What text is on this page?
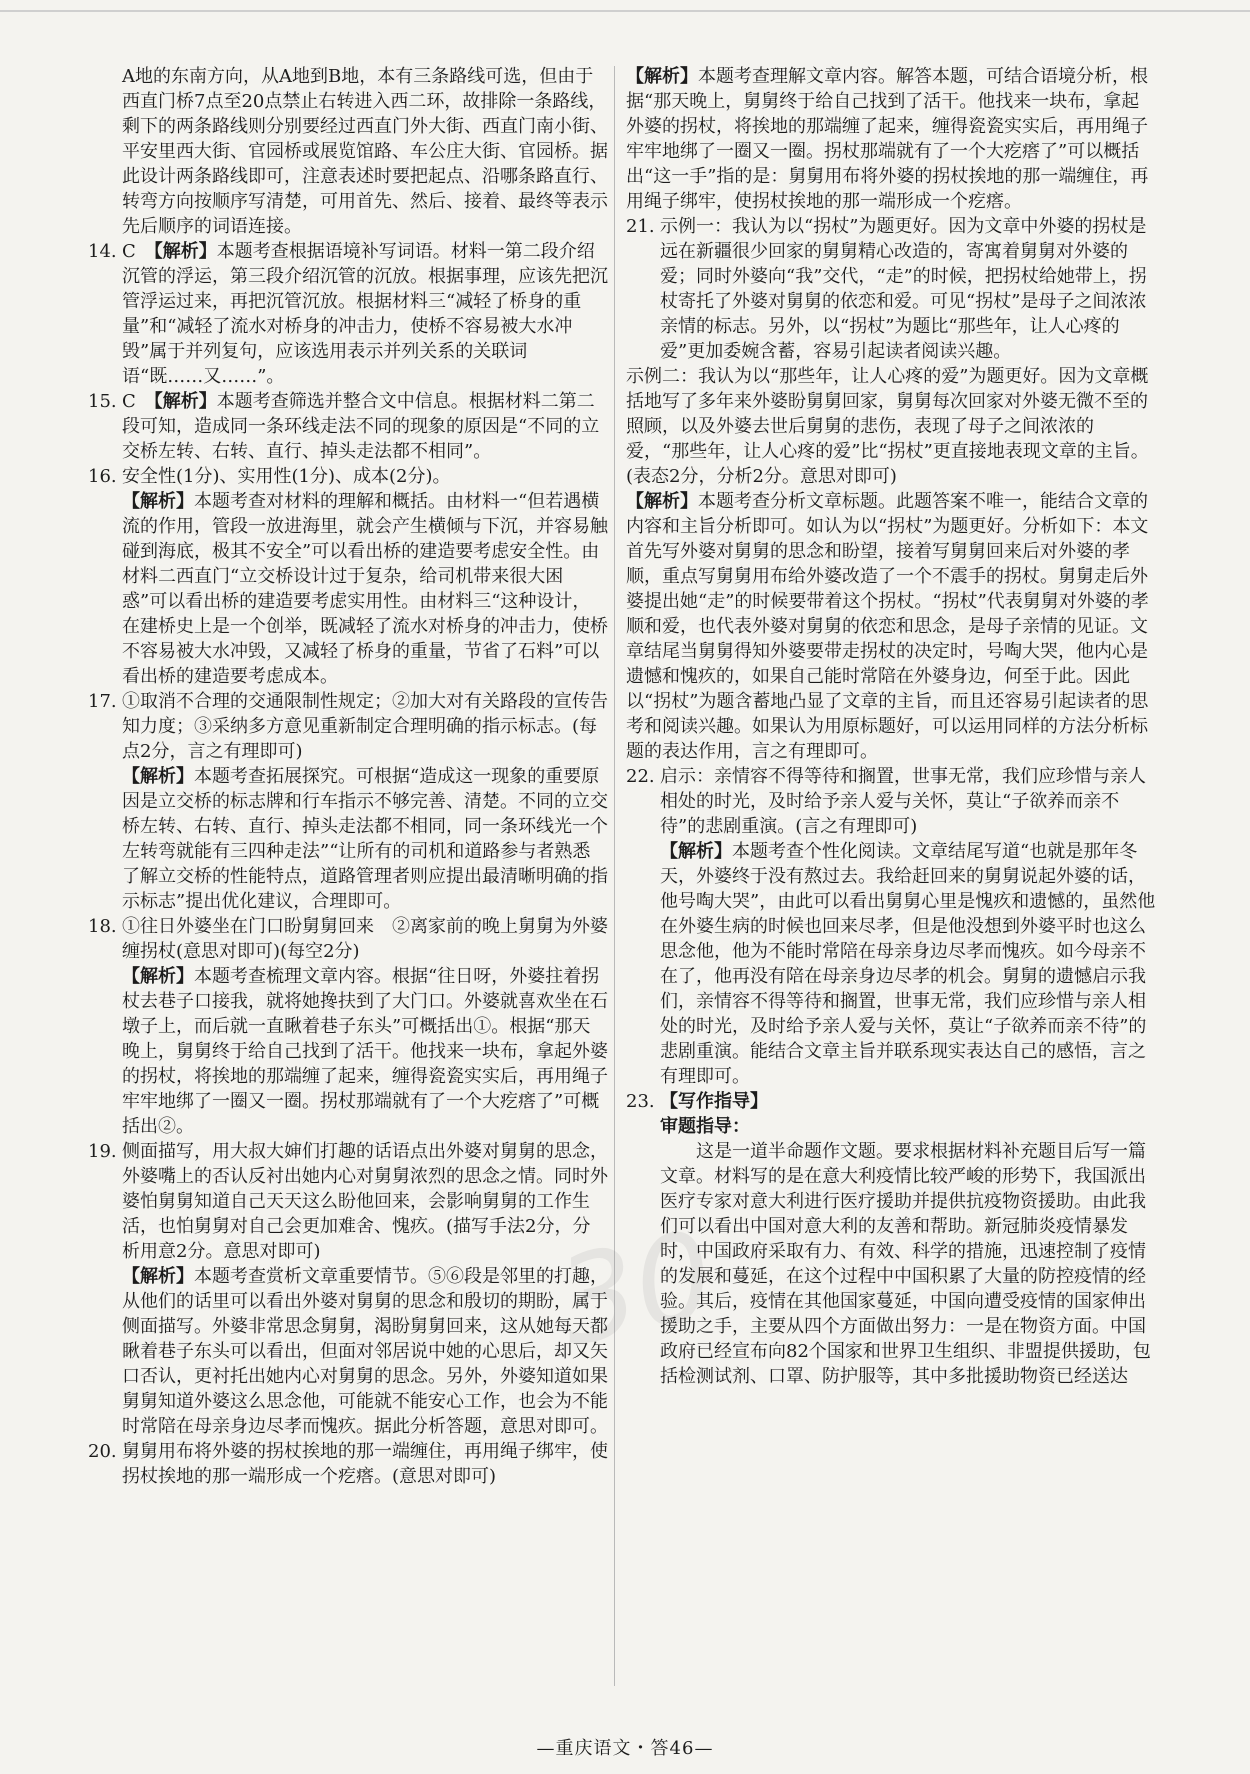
30

A地的东南方向，从A地到B地，本有三条路线可选，但由于西直门桥7点至20点禁止右转进入西二环，故排除一条路线，剩下的两条路线则分别要经过西直门外大街、西直门南小街、平安里西大街、官园桥或展览馆路、车公庄大街、官园桥。据此设计两条路线即可，注意表述时要把起点、沿哪条路直行、转弯方向按顺序写清楚，可用首先、然后、接着、最终等表示先后顺序的词语连接。

14. C　 【解析】本题考查根据语境补写词语。材料一第二段介绍沉管的浮运，第三段介绍沉管的沉放。根据事理，应该先把沉管浮运过来，再把沉管沉放。根据材料三“减轻了桥身的重量”和“减轻了流水对桥身的冲击力，使桥不容易被大水冲毁”属于并列复句，应该选用表示并列关系的关联词语“既……又……”。
15. C　 【解析】本题考查筛选并整合文中信息。根据材料二第二段可知，造成同一条环线走法不同的现象的原因是“不同的立交桥左转、右转、直行、掉头走法都不相同”。
16. 安全性(1分)、实用性(1分)、成本(2分)。

【解析】本题考查对材料的理解和概括。由材料一“但若遇横流的作用，管段一放进海里，就会产生横倾与下沉，并容易触碰到海底，极其不安全”可以看出桥的建造要考虑安全性。由材料二西直门“立交桥设计过于复杂，给司机带来很大困惑”可以看出桥的建造要考虑实用性。由材料三“这种设计，在建桥史上是一个创举，既减轻了流水对桥身的冲击力，使桥不容易被大水冲毁，又减轻了桥身的重量，节省了石料”可以看出桥的建造要考虑成本。

17. ①取消不合理的交通限制性规定；②加大对有关路段的宣传告知力度；③采纳多方意见重新制定合理明确的指示标志。(每点2分，言之有理即可)

【解析】本题考查拓展探究。可根据“造成这一现象的重要原因是立交桥的标志牌和行车指示不够完善、清楚。不同的立交桥左转、右转、直行、掉头走法都不相同，同一条环线光一个左转弯就能有三四种走法”“让所有的司机和道路参与者熟悉了解立交桥的性能特点，道路管理者则应提出最清晰明确的指示标志”提出优化建议，合理即可。

18. ①往日外婆坐在门口盼舅舅回来　②离家前的晚上舅舅为外婆缠拐杖(意思对即可)(每空2分)

【解析】本题考查梳理文章内容。根据“往日呀，外婆拄着拐杖去巷子口接我，就将她搀扶到了大门口。外婆就喜欢坐在石墩子上，而后就一直瞅着巷子东头”可概括出①。根据“那天晚上，舅舅终于给自己找到了活干。他找来一块布，拿起外婆的拐杖，将挨地的那端缠了起来，缠得瓷瓷实实后，再用绳子牢牢地绑了一圈又一圈。拐杖那端就有了一个大疙瘩了”可概括出②。

19. 侧面描写，用大叔大婶们打趣的话语点出外婆对舅舅的思念，外婆嘴上的否认反衬出她内心对舅舅浓烈的思念之情。同时外婆怕舅舅知道自己天天这么盼他回来，会影响舅舅的工作生活，也怕舅舅对自己会更加难舍、愧疚。(描写手法2分，分析用意2分。意思对即可)

【解析】本题考查赏析文章重要情节。⑤⑥段是邻里的打趣，从他们的话里可以看出外婆对舅舅的思念和殷切的期盼，属于侧面描写。外婆非常思念舅舅，渴盼舅舅回来，这从她每天都瞅着巷子东头可以看出，但面对邻居说中她的心思后，却又矢口否认，更衬托出她内心对舅舅的思念。另外，外婆知道如果舅舅知道外婆这么思念他，可能就不能安心工作，也会为不能时常陪在母亲身边尽孝而愧疚。据此分析答题，意思对即可。

20. 舅舅用布将外婆的拐杖挨地的那一端缠住，再用绳子绑牢，使拐杖挨地的那一端形成一个疙瘩。(意思对即可)

【解析】本题考查理解文章内容。解答本题，可结合语境分析，根据“那天晚上，舅舅终于给自己找到了活干。他找来一块布，拿起外婆的拐杖，将挨地的那端缠了起来，缠得瓷瓷实实后，再用绳子牢牢地绑了一圈又一圈。拐杖那端就有了一个大疙瘩了”可以概括出“这一手”指的是：舅舅用布将外婆的拐杖挨地的那一端缠住，再用绳子绑牢，使拐杖挨地的那一端形成一个疙瘩。

21. 示例一：我认为以“拐杖”为题更好。因为文章中外婆的拐杖是远在新疆很少回家的舅舅精心改造的，寄寓着舅舅对外婆的爱；同时外婆向“我”交代，“走”的时候，把拐杖给她带上，拐杖寄托了外婆对舅舅的依恋和爱。可见“拐杖”是母子之间浓浓亲情的标志。另外，以“拐杖”为题比“那些年，让人心疼的爱”更加委婉含蓄，容易引起读者阅读兴趣。

示例二：我认为以“那些年，让人心疼的爱”为题更好。因为文章概括地写了多年来外婆盼舅舅回家，舅舅每次回家对外婆无微不至的照顾，以及外婆去世后舅舅的悲伤，表现了母子之间浓浓的爱，“那些年，让人心疼的爱”比“拐杖”更直接地表现文章的主旨。

(表态2分，分析2分。意思对即可)

【解析】本题考查分析文章标题。此题答案不唯一，能结合文章的内容和主旨分析即可。如认为以“拐杖”为题更好。分析如下：本文首先写外婆对舅舅的思念和盼望，接着写舅舅回来后对外婆的孝顺，重点写舅舅用布给外婆改造了一个不震手的拐杖。舅舅走后外婆提出她“走”的时候要带着这个拐杖。“拐杖”代表舅舅对外婆的孝顺和爱，也代表外婆对舅舅的依恋和思念，是母子亲情的见证。文章结尾当舅舅得知外婆要带走拐杖的决定时，号啕大哭，他内心是遗憾和愧疚的，如果自己能时常陪在外婆身边，何至于此。因此以“拐杖”为题含蓄地凸显了文章的主旨，而且还容易引起读者的思考和阅读兴趣。如果认为用原标题好，可以运用同样的方法分析标题的表达作用，言之有理即可。

22. 启示：亲情容不得等待和搁置，世事无常，我们应珍惜与亲人相处的时光，及时给予亲人爱与关怀，莫让“子欲养而亲不待”的悲剧重演。(言之有理即可)

【解析】本题考查个性化阅读。文章结尾写道“也就是那年冬天，外婆终于没有熬过去。我给赶回来的舅舅说起外婆的话，他号啕大哭”，由此可以看出舅舅心里是愧疚和遗憾的，虽然他在外婆生病的时候也回来尽孝，但是他没想到外婆平时也这么思念他，他为不能时常陪在母亲身边尽孝而愧疚。如今母亲不在了，他再没有陪在母亲身边尽孝的机会。舅舅的遗憾启示我们，亲情容不得等待和搁置，世事无常，我们应珍惜与亲人相处的时光，及时给予亲人爱与关怀，莫让“子欲养而亲不待”的悲剧重演。能结合文章主旨并联系现实表达自己的感悟，言之有理即可。

23. 【写作指导】

审题指导：

这是一道半命题作文题。要求根据材料补充题目后写一篇文章。材料写的是在意大利疫情比较严峻的形势下，我国派出医疗专家对意大利进行医疗援助并提供抗疫物资援助。由此我们可以看出中国对意大利的友善和帮助。新冠肺炎疫情暴发时，中国政府采取有力、有效、科学的措施，迅速控制了疫情的发展和蔓延，在这个过程中中国积累了大量的防控疫情的经验。其后，疫情在其他国家蔓延，中国向遭受疫情的国家伸出援助之手，主要从四个方面做出努力：一是在物资方面。中国政府已经宣布向82个国家和世界卫生组织、非盟提供援助，包括检测试剂、口罩、防护服等，其中多批援助物资已经送达

—重庆语文・答46—
